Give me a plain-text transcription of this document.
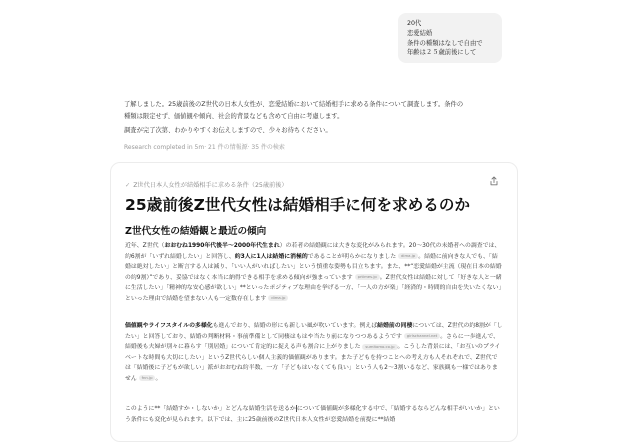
20代
恋愛結婚
条件の種類はなしで自由で
年齢は２５歳前後にして

了解しました。25歳前後のZ世代の日本人女性が、恋愛結婚において結婚相手に求める条件について調査します。条件の

種類は限定せず、価値観や傾向、社会的背景なども含めて自由に考慮します。

調査が完了次第、わかりやすくお伝えしますので、少々お待ちください。

Research completed in 5m· 21 件の情報源· 35 件の検索
✓ Z世代日本人女性が結婚相手に求める条件（25歳前後）
25歳前後Z世代女性は結婚相手に何を求めるのか
Z世代女性の結婚観と最近の傾向

近年、Z世代（おおむね1990年代後半〜2000年代生まれ）の若者の結婚観には大きな変化がみられます。20〜30代の未婚者への調査では、約6割が「いずれ結婚したい」と回答し、約3人に1人は結婚に消極的であることが明らかになりました dima.jp 。結婚に前向きな人でも、「結婚は絶対したい」と断言する人は減り、「いい人がいればしたい」という慎重な姿勢も目立ちます。また、**“恋愛結婚が主流（現在日本の結婚の約9割）”であり、妥協ではなく本当に納得できる相手を求める傾向が強まっています prtimes.jp 。Z世代女性は結婚に対して「好きな人と一緒に生活したい」「精神的な安心感が欲しい」**といったポジティブな理由を挙げる一方、「一人の方が楽」「経済的・時間的自由を失いたくない」といった理由で結婚を望まない人も一定数存在します dima.jp

価値観やライフスタイルの多様化も進んでおり、結婚の形にも新しい風が吹いています。例えば結婚前の同棲については、Z世代の約8割が「したい」と回答しており、結婚の判断材料・事前準備として同棲はもはや当たり前になりつつあるようです girlschannel.net 。さらに一歩進んで、結婚後も夫婦が別々に暮らす「別居婚」について肯定的に捉える声も割合に上がりました sumitomo.co.jp 。こうした背景には、「お互いのプライベートな時間も大切にしたい」というZ世代らしい個人主義的価値観があります。また子どもを持つことへの考え方も人それぞれで、Z世代では「結婚後に子どもが欲しい」派がおおむね約半数、一方「子どもはいなくても良い」という人も2〜3割いるなど、家族観も一様ではありません fnn.jp 。

このように**「結婚すか・しないか」とどんな結婚生活を送るかについて価値観が多様化する中で、「結婚するならどんな相手がいいか」という条件にも変化が見られます。以下では、主に25歳前後のZ世代日本人女性が恋愛結婚を前提に**結婚
